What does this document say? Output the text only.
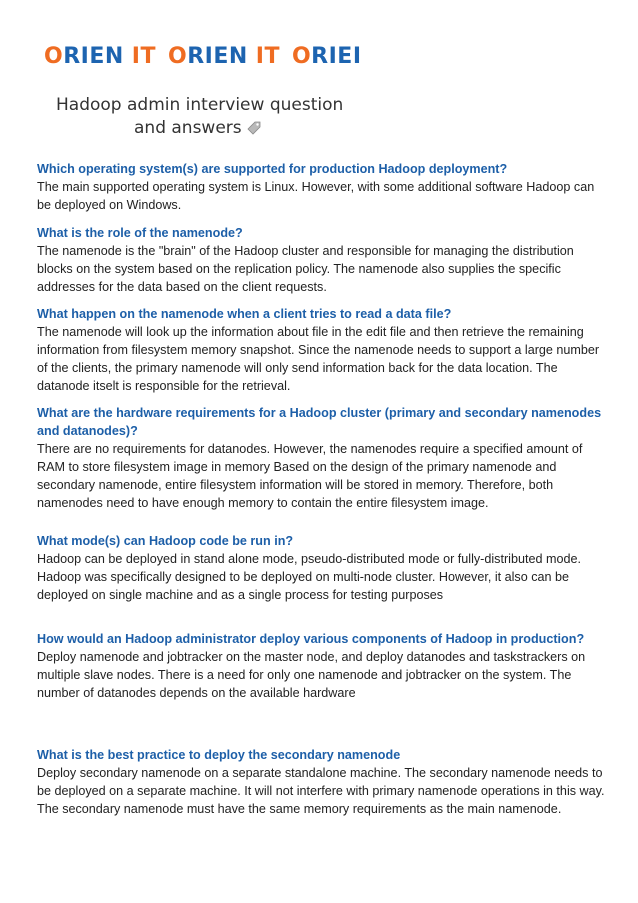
ORIEN IT ORIEN IT ORIEI
Hadoop admin interview question
and answers

Which operating system(s) are supported for production Hadoop deployment?

The main supported operating system is Linux. However, with some additional software Hadoop can be deployed on Windows.

What is the role of the namenode?

The namenode is the "brain" of the Hadoop cluster and responsible for managing the distribution blocks on the system based on the replication policy. The namenode also supplies the specific addresses for the data based on the client requests.

What happen on the namenode when a client tries to read a data file?

The namenode will look up the information about file in the edit file and then retrieve the remaining information from filesystem memory snapshot. Since the namenode needs to support a large number of the clients, the primary namenode will only send information back for the data location. The datanode itselt is responsible for the retrieval.

What are the hardware requirements for a Hadoop cluster (primary and secondary namenodes and datanodes)?

There are no requirements for datanodes. However, the namenodes require a specified amount of RAM to store filesystem image in memory Based on the design of the primary namenode and secondary namenode, entire filesystem information will be stored in memory. Therefore, both namenodes need to have enough memory to contain the entire filesystem image.

What mode(s) can Hadoop code be run in?

Hadoop can be deployed in stand alone mode, pseudo-distributed mode or fully-distributed mode. Hadoop was specifically designed to be deployed on multi-node cluster. However, it also can be deployed on single machine and as a single process for testing purposes

How would an Hadoop administrator deploy various components of Hadoop in production?

Deploy namenode and jobtracker on the master node, and deploy datanodes and taskstrackers on multiple slave nodes. There is a need for only one namenode and jobtracker on the system. The number of datanodes depends on the available hardware

What is the best practice to deploy the secondary namenode

Deploy secondary namenode on a separate standalone machine. The secondary namenode needs to be deployed on a separate machine. It will not interfere with primary namenode operations in this way. The secondary namenode must have the same memory requirements as the main namenode.
